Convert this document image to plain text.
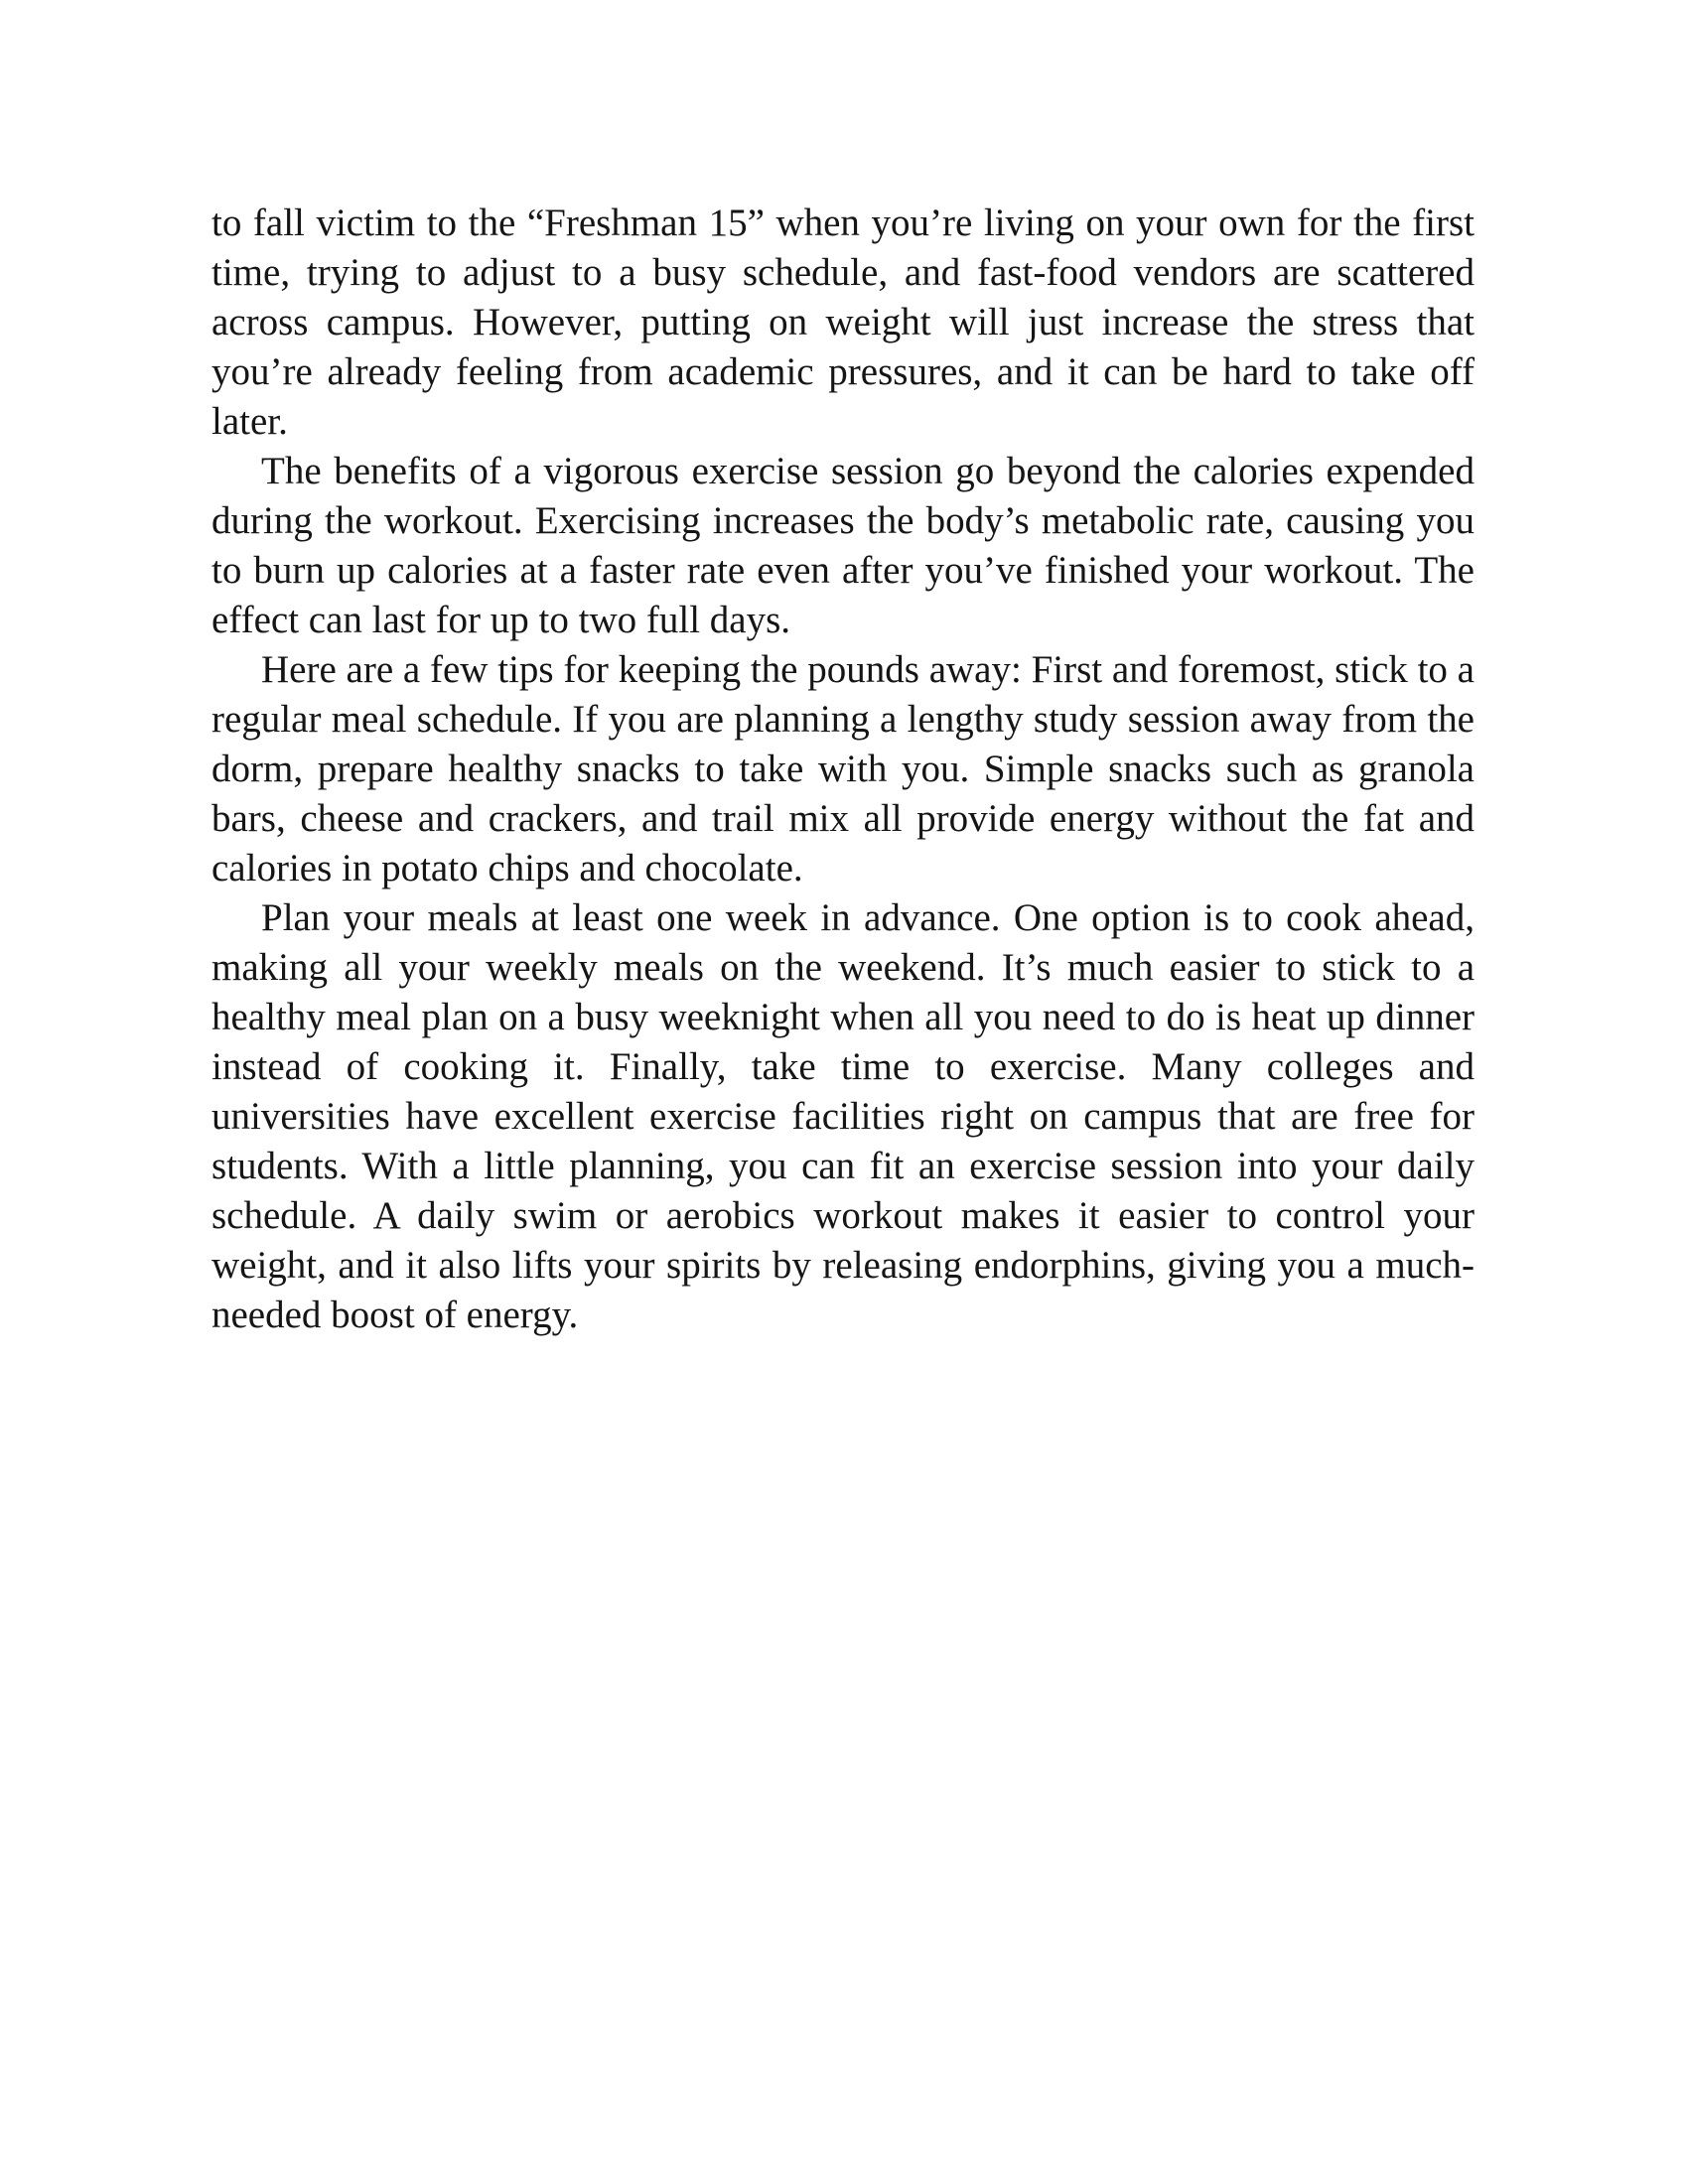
to fall victim to the “Freshman 15” when you’re living on your own for the first time, trying to adjust to a busy schedule, and fast-food vendors are scattered across campus. However, putting on weight will just increase the stress that you’re already feeling from academic pressures, and it can be hard to take off later.

The benefits of a vigorous exercise session go beyond the calories expended during the workout. Exercising increases the body’s metabolic rate, causing you to burn up calories at a faster rate even after you’ve finished your workout. The effect can last for up to two full days.

Here are a few tips for keeping the pounds away: First and foremost, stick to a regular meal schedule. If you are planning a lengthy study session away from the dorm, prepare healthy snacks to take with you. Simple snacks such as granola bars, cheese and crackers, and trail mix all provide energy without the fat and calories in potato chips and chocolate.

Plan your meals at least one week in advance. One option is to cook ahead, making all your weekly meals on the weekend. It’s much easier to stick to a healthy meal plan on a busy weeknight when all you need to do is heat up dinner instead of cooking it. Finally, take time to exercise. Many colleges and universities have excellent exercise facilities right on campus that are free for students. With a little planning, you can fit an exercise session into your daily schedule. A daily swim or aerobics workout makes it easier to control your weight, and it also lifts your spirits by releasing endorphins, giving you a much-needed boost of energy.
